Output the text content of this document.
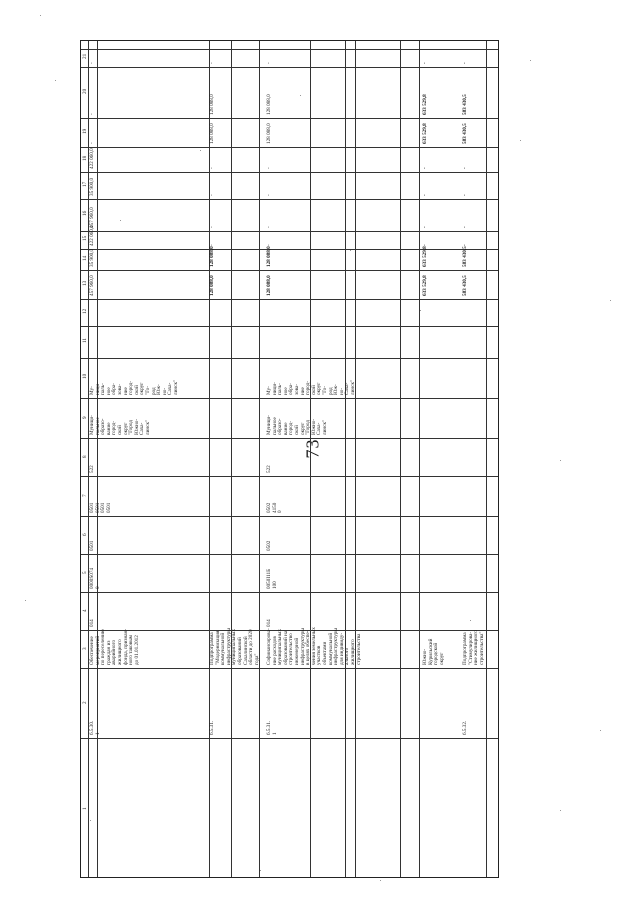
73
1
2
3
4
5
6
7
8
9
10
11
12
13
14
15
16
17
18
19
20
21
6.5.30.
1
Обеспечение
мероприятий
по переселению
граждан из
аварийного
жилищного
фонда, признан-
ного таковым
до 01.01.2012
014
0000S074
0
0501
0501
0501
0501
0501
522
Муници-
пальное
образо-
вание
город-
ской
округ
"Город
Южно-
Саха-
линск"
Му-
ници-
паль-
ное
обра-
зова-
ние
город-
ской
округ
"Го-
род
Юж-
но-
Саха-
линск"
457 960,0
35 900,0
422 060,0
457 960,0
35 900,0
422 060,0
-
-
-
6.5.31.
Подпрограмма
"Модернизация
коммунальной
инфраструктуры
муниципальных
образований
Сахалинской
области до 2020
года"
128 088,0
128 088,0
-
-
-
-
128 088,0
128 088,0
-
6.5.31.
1
Софинансирова-
ние расходов
муниципальных
образований на
строительство
инженерной
инфраструктуры
в целях обеспе-
чения земельных
участков
объектами
коммунальной
инфраструктуры
для индивиду-
ального
жилищного
строительства
014
0050I11Б
100
0502
0502
4150
0
522
Муници-
пальное
образо-
вание
город-
ской
округ
"Город
Южно-
Саха-
линск"
Му-
ници-
паль-
ное
обра-
зова-
ние
город-
ской
округ
"Го-
род
Юж-
но-
Саха-
линск"
128 088,0
128 088,0
-
-
-
-
128 088,0
128 088,0
-
Южно-
Курильский
городской
округ
633 529,8
633 529,8
-
-
-
-
633 529,8
633 529,8
-
6.5.32.
Подпрограмма
"Стимулирова-
ние жилищного
строительства"
583 430,5
583 430,5
-
-
-
-
583 430,5
583 430,5
-
